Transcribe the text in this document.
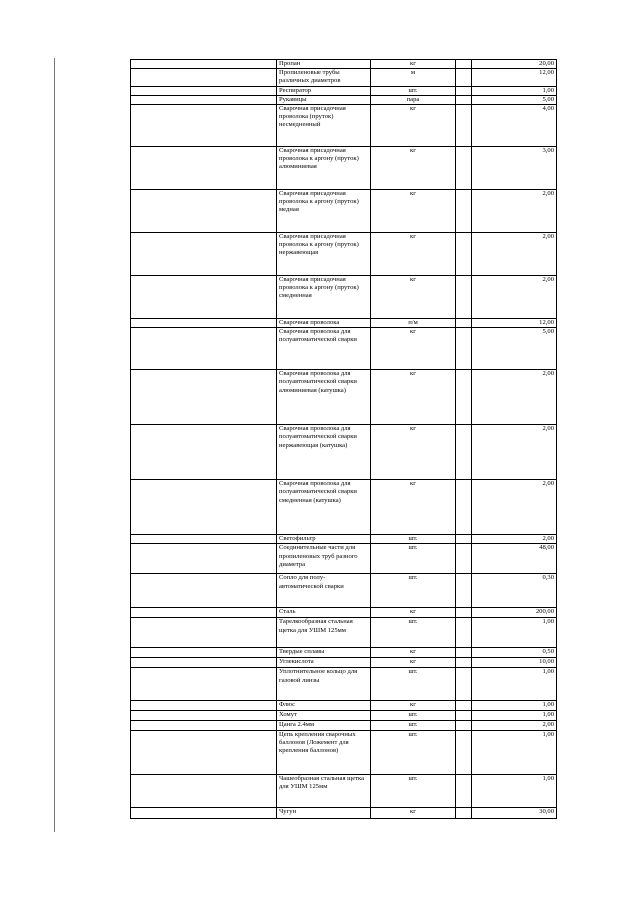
	Пропан	кг		20,00
	Пропиленовые трубы различных диаметров	м		12,00
	Респиратор	шт.		1,00
	Рукавицы	пара		5,00
	Сварочная присадочная проволока (пруток) несмедненный	кг		4,00
	Сварочная присадочная проволока к аргону (пруток) алюминиевая	кг		3,00
	Сварочная присадочная проволока к аргону (пруток) медная	кг		2,00
	Сварочная присадочная проволока к аргону (пруток) нержавеющая	кг		2,00
	Сварочная присадочная проволока к аргону (пруток) смедненная	кг		2,00
	Сварочная проволока	п/м		12,00
	Сварочная проволока для полуавтоматической сварки	кг		5,00
	Сварочная проволока для полуавтоматической сварки алюминиевая (катушка)	кг		2,00
	Сварочная проволока для полуавтоматической сварки нержавеющая (катушка)	кг		2,00
	Сварочная проволока для полуавтоматической сварки смедненная (катушка)	кг		2,00
	Светофильтр	шт.		2,00
	Соединительные части для пропиленовых труб разного диаметра	шт.		48,00
	Сопло для полу-автоматической сварки	шт.		0,30
	Сталь	кг		200,00
	Тарелкообразная стальная щетка для УШМ 125мм	шт.		1,00
	Твердые сплавы	кг		0,50
	Углекислота	кг		10,00
	Уплотнительное кольцо для газовой линзы	шт.		1,00
	Флюс	кг		1,00
	Хомут	шт.		1,00
	Цанга 2.4мм	шт.		2,00
	Цепь крепления сварочных баллонов (Ложемент для крепления баллонов)	шт.		1,00
	Чашеобразная стальная щетка для УШМ 125мм	шт.		1,00
	Чугун	кг		30,00
